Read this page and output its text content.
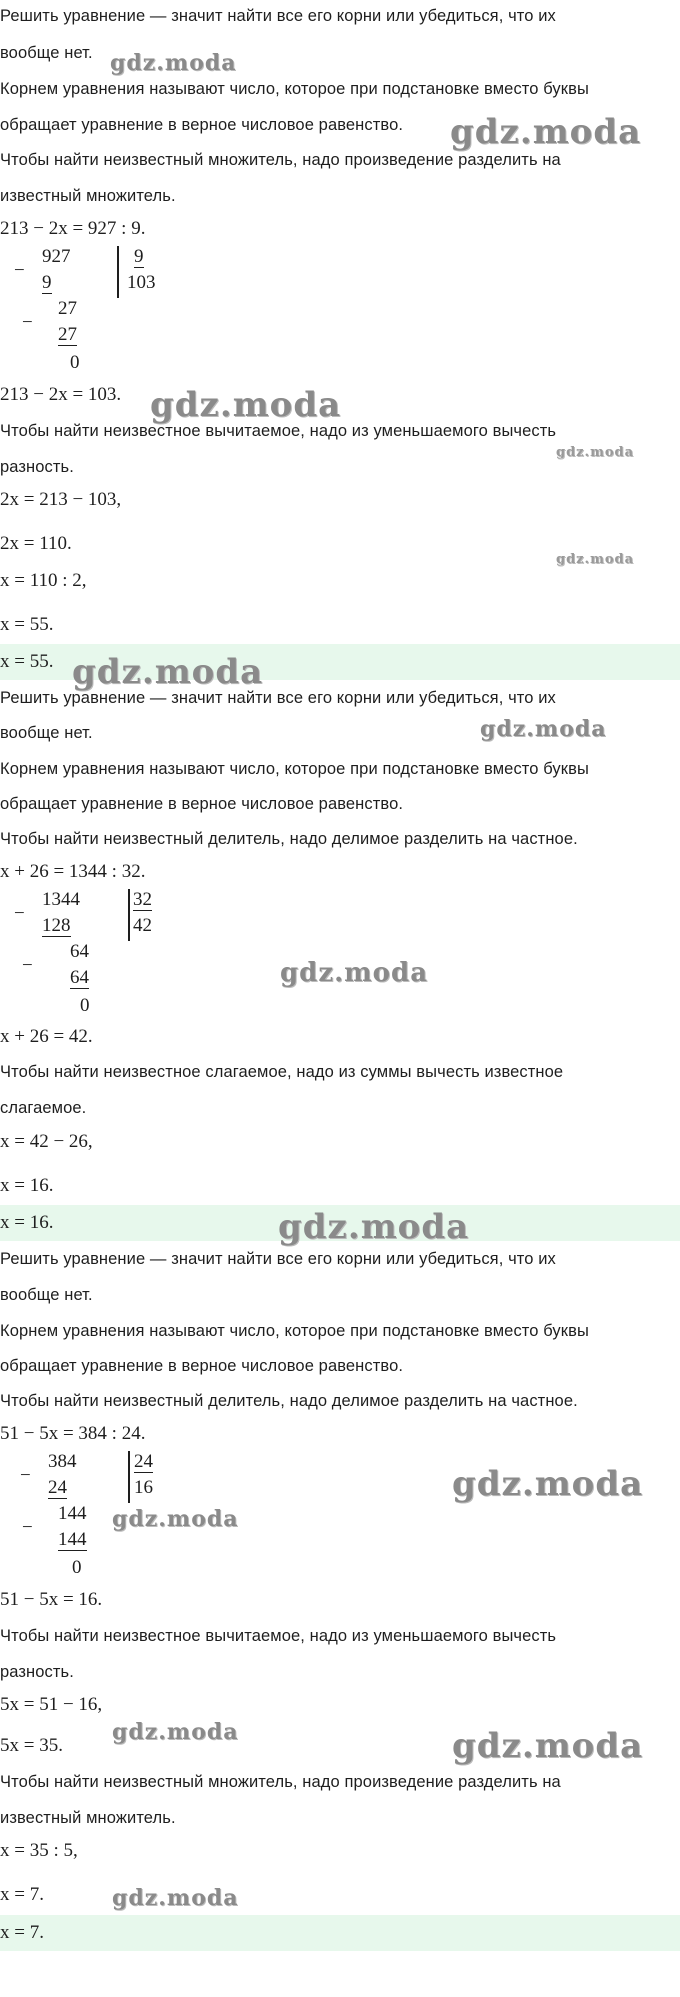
Решить уравнение — значит найти все его корни или убедиться, что их
вообще нет.
Корнем уравнения называют число, которое при подстановке вместо буквы
обращает уравнение в верное числовое равенство.
Чтобы найти неизвестный множитель, надо произведение разделить на
известный множитель.
213 − 2x = 927 : 9.
−
927
9
9
103
−
27
27
0
213 − 2x = 103.
Чтобы найти неизвестное вычитаемое, надо из уменьшаемого вычесть
разность.
2x = 213 − 103,
2x = 110.
x = 110 : 2,
x = 55.
x = 55.
Решить уравнение — значит найти все его корни или убедиться, что их
вообще нет.
Корнем уравнения называют число, которое при подстановке вместо буквы
обращает уравнение в верное числовое равенство.
Чтобы найти неизвестный делитель, надо делимое разделить на частное.
x + 26 = 1344 : 32.
−
1344
128
32
42
−
64
64
0
x + 26 = 42.
Чтобы найти неизвестное слагаемое, надо из суммы вычесть известное
слагаемое.
x = 42 − 26,
x = 16.
x = 16.
Решить уравнение — значит найти все его корни или убедиться, что их
вообще нет.
Корнем уравнения называют число, которое при подстановке вместо буквы
обращает уравнение в верное числовое равенство.
Чтобы найти неизвестный делитель, надо делимое разделить на частное.
51 − 5x = 384 : 24.
−
384
24
24
16
−
144
144
0
51 − 5x = 16.
Чтобы найти неизвестное вычитаемое, надо из уменьшаемого вычесть
разность.
5x = 51 − 16,
5x = 35.
Чтобы найти неизвестный множитель, надо произведение разделить на
известный множитель.
x = 35 : 5,
x = 7.
x = 7.
gdz.moda
gdz.moda
gdz.moda
gdz.moda
gdz.moda
gdz.moda
gdz.moda
gdz.moda
gdz.moda
gdz.moda
gdz.moda
gdz.moda	gdz.moda
gdz.moda
